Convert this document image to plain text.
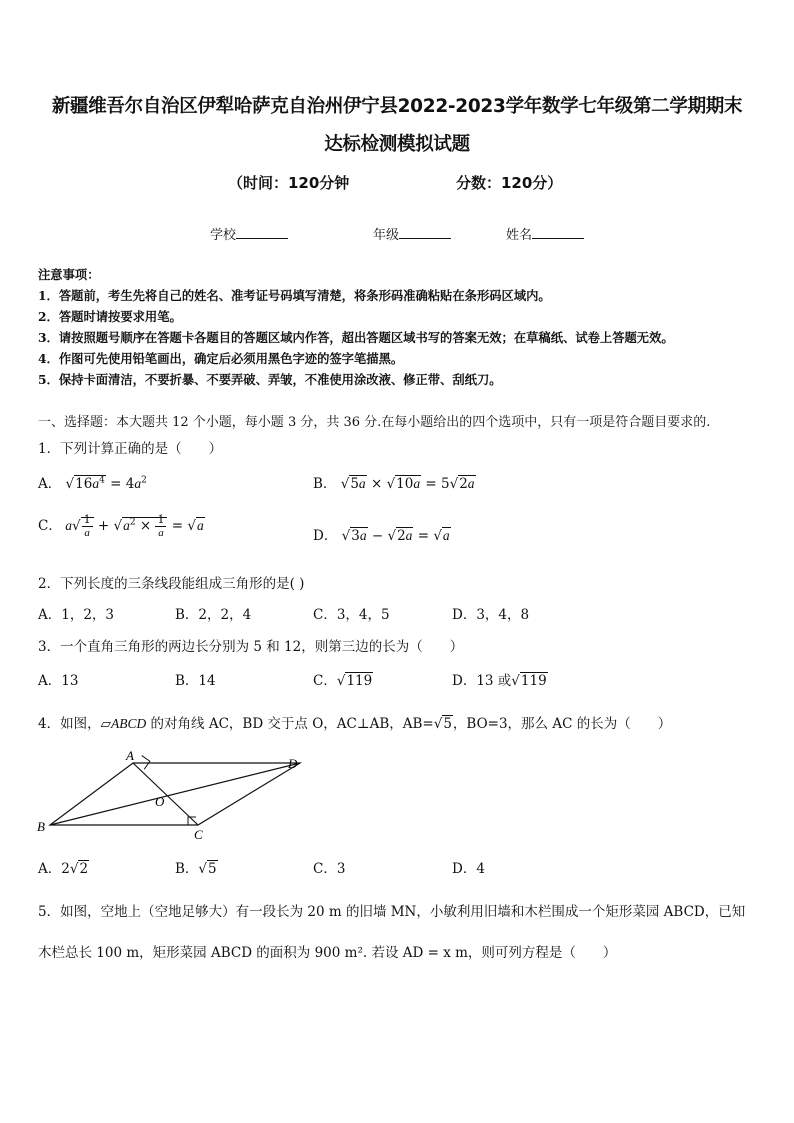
新疆维吾尔自治区伊犁哈萨克自治州伊宁县2022-2023学年数学七年级第二学期期末
达标检测模拟试题
（时间：120分钟	分数：120分）
学校	年级	姓名
注意事项：
1．答题前，考生先将自己的姓名、准考证号码填写清楚，将条形码准确粘贴在条形码区域内。
2．答题时请按要求用笔。
3．请按照题号顺序在答题卡各题目的答题区域内作答，超出答题区域书写的答案无效；在草稿纸、试卷上答题无效。
4．作图可先使用铅笔画出，确定后必须用黑色字迹的签字笔描黑。
5．保持卡面清洁，不要折暴、不要弄破、弄皱，不准使用涂改液、修正带、刮纸刀。
一、选择题：本大题共 12 个小题，每小题 3 分，共 36 分.在每小题给出的四个选项中，只有一项是符合题目要求的.
1．下列计算正确的是（　　）
A． $√16a^4 = 4a^2$	B． √5a × √10a = 5√2a
C． $a√ \frac{1}{a} + √a^2 \times \frac{1}{a} = √a$
D． √3a − √2a = √a
2．下列长度的三条线段能组成三角形的是( )
A．1，2，3	B．2，2，4	C．3，4，5	D．3，4，8
3．一个直角三角形的两边长分别为 5 和 12，则第三边的长为（　　）
A．13	B．14	C．√119	D．13 或√119
4．如图，▱ABCD 的对角线 AC，BD 交于点 O，AC⊥AB，AB=√5，BO=3，那么 AC 的长为（　　）
A
B
C
D
O
A．2√2	B．√5	C．3	D．4
5．如图，空地上（空地足够大）有一段长为 20 m 的旧墙 MN，小敏利用旧墙和木栏围成一个矩形菜园 ABCD，已知
木栏总长 100 m，矩形菜园 ABCD 的面积为 900 m². 若设 AD = x m，则可列方程是（　　）
